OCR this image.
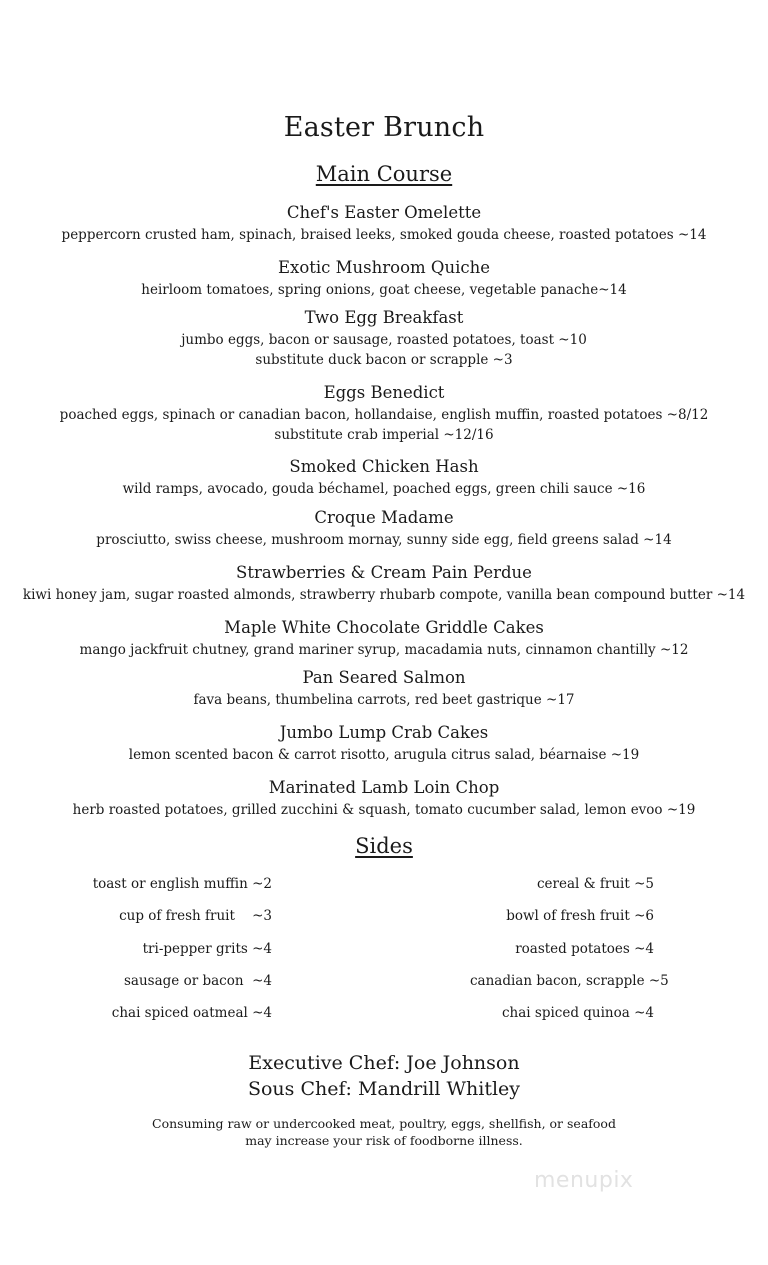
Easter Brunch
Main Course
Chef's Easter Omelette
peppercorn crusted ham, spinach, braised leeks, smoked gouda cheese, roasted potatoes ~14
Exotic Mushroom Quiche
heirloom tomatoes, spring onions, goat cheese, vegetable panache~14
Two Egg Breakfast
jumbo eggs, bacon or sausage, roasted potatoes, toast ~10
substitute duck bacon or scrapple ~3
Eggs Benedict
poached eggs, spinach or canadian bacon, hollandaise, english muffin, roasted potatoes ~8/12
substitute crab imperial ~12/16
Smoked Chicken Hash
wild ramps, avocado, gouda béchamel, poached eggs, green chili sauce ~16
Croque Madame
prosciutto, swiss cheese, mushroom mornay, sunny side egg, field greens salad ~14
Strawberries & Cream Pain Perdue
kiwi honey jam, sugar roasted almonds, strawberry rhubarb compote, vanilla bean compound butter ~14
Maple White Chocolate Griddle Cakes
mango jackfruit chutney, grand mariner syrup, macadamia nuts, cinnamon chantilly ~12
Pan Seared Salmon
fava beans, thumbelina carrots, red beet gastrique ~17
Jumbo Lump Crab Cakes
lemon scented bacon & carrot risotto, arugula citrus salad, béarnaise ~19
Marinated Lamb Loin Chop
herb roasted potatoes, grilled zucchini & squash, tomato cucumber salad, lemon evoo ~19
Sides
toast or english muffin ~2
cup of fresh fruit    ~3
tri-pepper grits ~4
sausage or bacon  ~4
chai spiced oatmeal ~4
cereal & fruit ~5
bowl of fresh fruit ~6
roasted potatoes ~4
canadian bacon, scrapple ~5
chai spiced quinoa ~4
Executive Chef: Joe Johnson
Sous Chef: Mandrill Whitley
Consuming raw or undercooked meat, poultry, eggs, shellfish, or seafood
may increase your risk of foodborne illness.
menupix
